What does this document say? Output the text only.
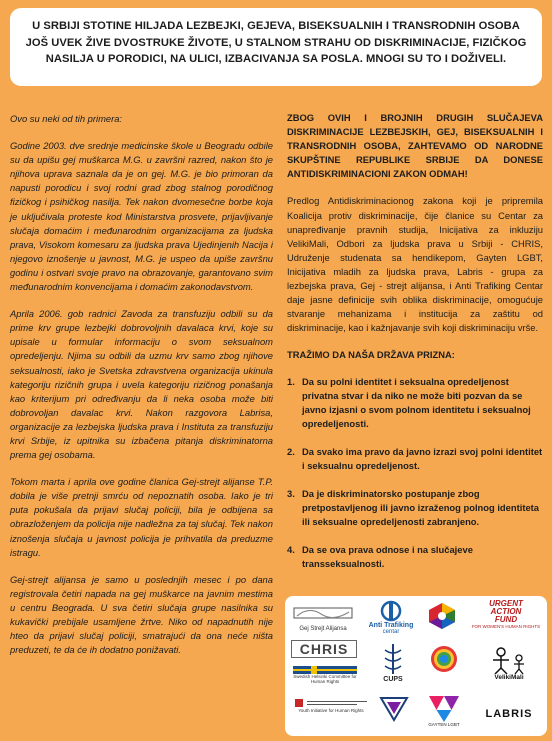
U SRBIJI STOTINE HILJADA LEZBEJKI, GEJEVA, BISEKSUALNIH I TRANSRODNIH OSOBA
JOŠ UVEK ŽIVE DVOSTRUKE ŽIVOTE, U STALNOM STRAHU OD DISKRIMINACIJE, FIZIČKOG
NASILJA U PORODICI, NA ULICI, IZBACIVANJA SA POSLA. MNOGI SU TO I DOŽIVELI.

Ovo su neki od tih primera:

Godine 2003. dve srednje medicinske škole u Beogradu odbile su da upišu gej muškarca M.G. u završni razred, nakon što je njihova uprava saznala da je on gej. M.G. je bio primoran da napusti porodicu i svoj rodni grad zbog stalnog porodičnog fizičkog i psihičkog nasilja. Tek nakon dvomesečne borbe koja je uključivala proteste kod Ministarstva prosvete, prijavljivanje slučaja domaćim i međunarodnim organizacijama za ljudska prava, Visokom komesaru za ljudska prava Ujedinjenih Nacija i njegovo iznošenje u javnost, M.G. je uspeo da upiše završnu godinu i ostvari svoje pravo na obrazovanje, garantovano svim međunarodnim konvencijama i domaćim zakonodavstvom.

Aprila 2006. gob radnici Zavoda za transfuziju odbili su da prime krv grupe lezbejki dobrovoljnih davalaca krvi, koje su upisale u formular informaciju o svom seksualnom opredeljenju. Njima su odbili da uzmu krv samo zbog njihove seksualnosti, iako je Svetska zdravstvena organizacija ukinula kategoriju rizičnih grupa i uvela kategoriju rizičnog ponašanja kao kriterijum pri određivanju da li neka osoba može biti dobrovoljan davalac krvi. Nakon razgovora Labrisa, organizacije za lezbejska ljudska prava i Instituta za transfuziju krvi Srbije, iz upitnika su izbačena pitanja diskriminatorna prema gej osobama.

Tokom marta i aprila ove godine članica Gej-strejt alijanse T.P. dobila je više pretnji smrću od nepoznatih osoba. Iako je tri puta pokušala da prijavi slučaj policiji, bila je odbijena sa obrazloženjem da policija nije nadležna za taj slučaj. Tek nakon iznošenja slučaja u javnost policija je prihvatila da preduzme istragu.

Gej-strejt alijansa je samo u poslednjih mesec i po dana registrovala četiri napada na gej muškarce na javnim mestima u centru Beograda. U sva četiri slučaja grupe nasilnika su kukavički prebijale usamljene žrtve. Niko od napadnutih nije hteo da prijavi slučaj policiji, smatrajući da ona neće ništa preduzeti, te da će ih dodatno ponižavati.

ZBOG OVIH I BROJNIH DRUGIH SLUČAJEVA DISKRIMINACIJE LEZBEJSKIH, GEJ, BISEKSUALNIH I TRANSRODNIH OSOBA, ZAHTEVAMO OD NARODNE SKUPŠTINE REPUBLIKE SRBIJE DA DONESE ANTIDISKRIMINACIONI ZAKON ODMAH!

Predlog Antidiskriminacionog zakona koji je pripremila Koalicija protiv diskriminacije, čije članice su Centar za unapređivanje pravnih studija, Inicijativa za inkluziju VelikiMali, Odbori za ljudska prava u Srbiji - CHRIS, Udruženje studenata sa hendikepom, Gayten LGBT, Inicijativa mladih za ljudska prava, Labris - grupa za lezbejska prava, Gej - strejt alijansa, i Anti Trafiking Centar daje jasne definicije svih oblika diskriminacije, omogućuje stvaranje mehanizama i institucija za zaštitu od diskriminacije, kao i kažnjavanje svih koji diskriminaciju vrše.

TRAŽIMO DA NAŠA DRŽAVA PRIZNA:
1. Da su polni identitet i seksualna opredeljenost privatna stvar i da niko ne može biti pozvan da se javno izjasni o svom polnom identitetu i seksualnoj opredeljenosti.
2. Da svako ima pravo da javno izrazi svoj polni identitet i seksualnu opredeljenost.
3. Da je diskriminatorsko postupanje zbog pretpostavljenog ili javno izraženog polnog identiteta ili seksualne opredeljenosti zabranjeno.
4. Da se ova prava odnose i na slučajeve transseksualnosti.
Gej Strejt Alijansa	Anti Trafiking
centar
URGENT
ACTION
FUND
FOR WOMEN'S HUMAN RIGHTS
CHRIS
Swedish Helsinki Committee for Human Rights	CUPS	VelikiMali
Youth Initiative for Human Rights
GAYTEN LGBT
LABRIS
